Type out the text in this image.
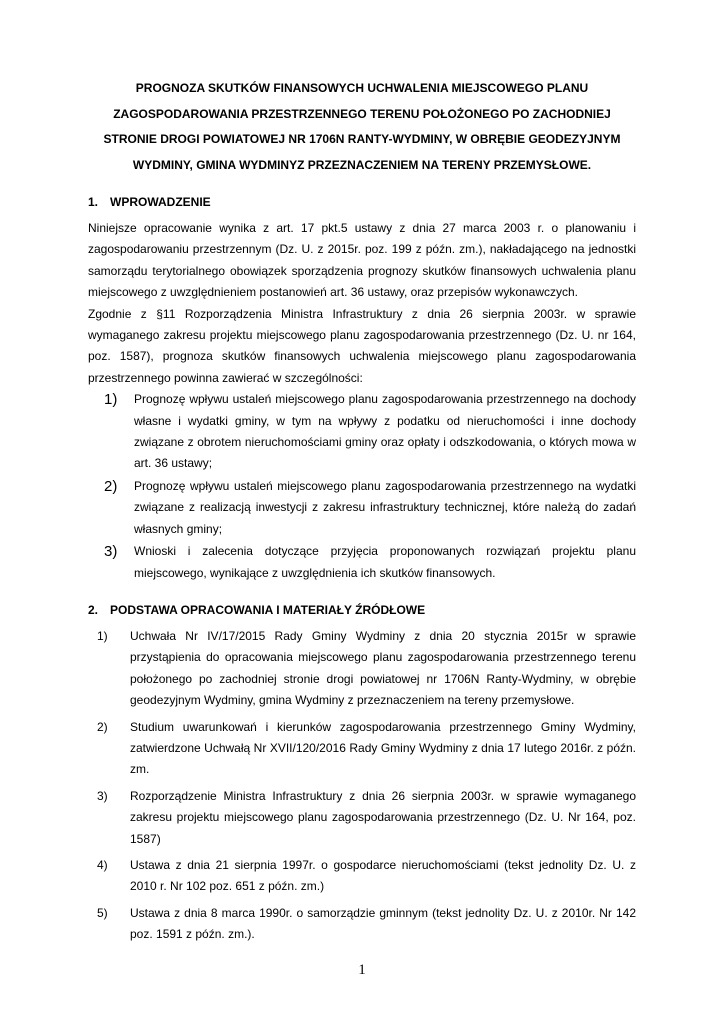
PROGNOZA SKUTKÓW FINANSOWYCH UCHWALENIA MIEJSCOWEGO PLANU ZAGOSPODAROWANIA PRZESTRZENNEGO TERENU POŁOŻONEGO PO ZACHODNIEJ STRONIE DROGI POWIATOWEJ NR 1706N RANTY-WYDMINY, W OBRĘBIE GEODEZYJNYM WYDMINY, GMINA WYDMINYZ PRZEZNACZENIEM NA TERENY PRZEMYSŁOWE.

1. WPROWADZENIE

Niniejsze opracowanie wynika z art. 17 pkt.5 ustawy z dnia 27 marca 2003 r. o planowaniu i zagospodarowaniu przestrzennym (Dz. U. z 2015r. poz. 199 z późn. zm.), nakładającego na jednostki samorządu terytorialnego obowiązek sporządzenia prognozy skutków finansowych uchwalenia planu miejscowego z uwzględnieniem postanowień art. 36 ustawy, oraz przepisów wykonawczych.

Zgodnie z §11 Rozporządzenia Ministra Infrastruktury z dnia 26 sierpnia 2003r. w sprawie wymaganego zakresu projektu miejscowego planu zagospodarowania przestrzennego (Dz. U. nr 164, poz. 1587), prognoza skutków finansowych uchwalenia miejscowego planu zagospodarowania przestrzennego powinna zawierać w szczególności:

1)	Prognozę wpływu ustaleń miejscowego planu zagospodarowania przestrzennego na dochody własne i wydatki gminy, w tym na wpływy z podatku od nieruchomości i inne dochody związane z obrotem nieruchomościami gminy oraz opłaty i odszkodowania, o których mowa w art. 36 ustawy;
2)	Prognozę wpływu ustaleń miejscowego planu zagospodarowania przestrzennego na wydatki związane z realizacją inwestycji z zakresu infrastruktury technicznej, które należą do zadań własnych gminy;
3)	Wnioski i zalecenia dotyczące przyjęcia proponowanych rozwiązań projektu planu miejscowego, wynikające z uwzględnienia ich skutków finansowych.
2. PODSTAWA OPRACOWANIA I MATERIAŁY ŹRÓDŁOWE
1)	Uchwała Nr IV/17/2015 Rady Gminy Wydminy z dnia 20 stycznia 2015r w sprawie przystąpienia do opracowania miejscowego planu zagospodarowania przestrzennego terenu położonego po zachodniej stronie drogi powiatowej nr 1706N Ranty-Wydminy, w obrębie geodezyjnym Wydminy, gmina Wydminy z przeznaczeniem na tereny przemysłowe.
2)	Studium uwarunkowań i kierunków zagospodarowania przestrzennego Gminy Wydminy, zatwierdzone Uchwałą Nr XVII/120/2016 Rady Gminy Wydminy z dnia 17 lutego 2016r. z późn. zm.
3)	Rozporządzenie Ministra Infrastruktury z dnia 26 sierpnia 2003r. w sprawie wymaganego zakresu projektu miejscowego planu zagospodarowania przestrzennego (Dz. U. Nr 164, poz. 1587)
4)	Ustawa z dnia 21 sierpnia 1997r. o gospodarce nieruchomościami (tekst jednolity Dz. U. z 2010 r. Nr 102 poz. 651 z późn. zm.)
5)	Ustawa z dnia 8 marca 1990r. o samorządzie gminnym (tekst jednolity Dz. U. z 2010r. Nr 142 poz. 1591 z późn. zm.).
1
